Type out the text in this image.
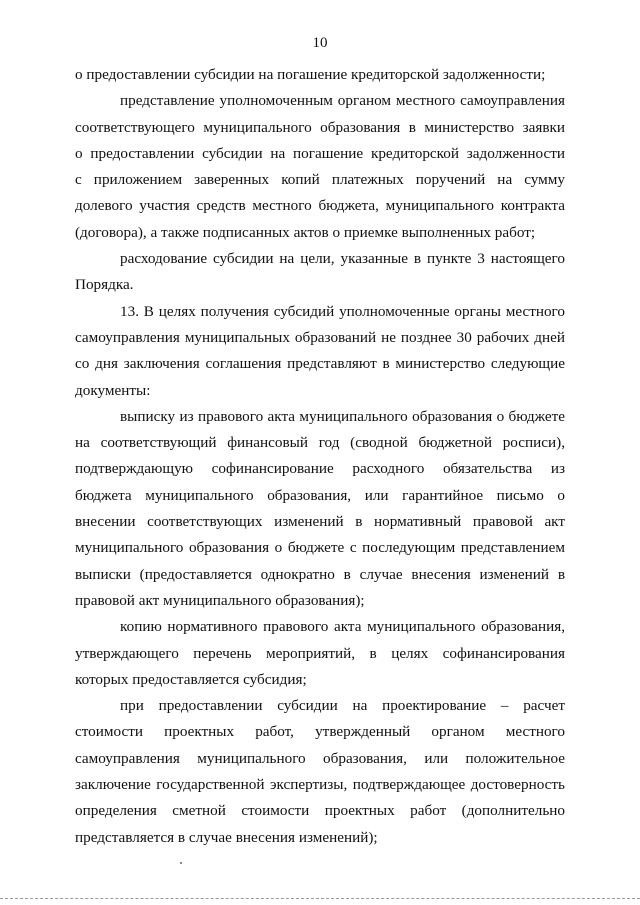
10

о предоставлении субсидии на погашение кредиторской задолженности;

представление уполномоченным органом местного самоуправления
соответствующего муниципального образования в министерство заявки
о предоставлении субсидии на погашение кредиторской задолженности
с приложением заверенных копий платежных поручений на сумму
долевого участия средств местного бюджета, муниципального контракта
(договора), а также подписанных актов о приемке выполненных работ;

расходование субсидии на цели, указанные в пункте 3 настоящего
Порядка.

13. В целях получения субсидий уполномоченные органы местного
самоуправления муниципальных образований не позднее 30 рабочих дней
со дня заключения соглашения представляют в министерство следующие
документы:

выписку из правового акта муниципального образования о бюджете
на соответствующий финансовый год (сводной бюджетной росписи),
подтверждающую софинансирование расходного обязательства из
бюджета муниципального образования, или гарантийное письмо о
внесении соответствующих изменений в нормативный правовой акт
муниципального образования о бюджете с последующим представлением
выписки (предоставляется однократно в случае внесения изменений в
правовой акт муниципального образования);

копию нормативного правового акта муниципального образования,
утверждающего перечень мероприятий, в целях софинансирования
которых предоставляется субсидия;

при предоставлении субсидии на проектирование – расчет
стоимости проектных работ, утвержденный органом местного
самоуправления муниципального образования, или положительное
заключение государственной экспертизы, подтверждающее достоверность
определения сметной стоимости проектных работ (дополнительно
представляется в случае внесения изменений);
